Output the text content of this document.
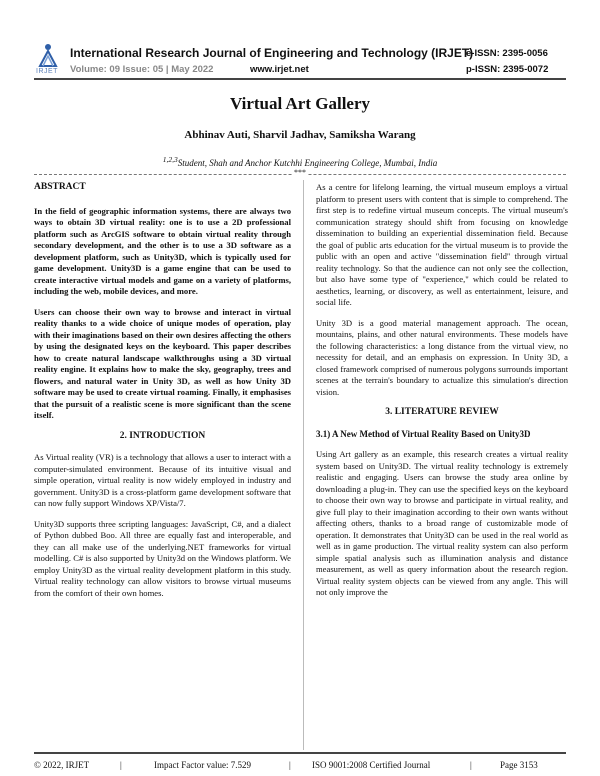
IRJET
International Research Journal of Engineering and Technology (IRJET)
Volume: 09 Issue: 05 | May 2022	www.irjet.net
e-ISSN: 2395-0056
p-ISSN: 2395-0072
Virtual Art Gallery
Abhinav Auti, Sharvil Jadhav, Samiksha Warang
$^{1,2,3}$Student, Shah and Anchor Kutchhi Engineering College, Mumbai, India
***
ABSTRACT

In the field of geographic information systems, there are always two ways to obtain 3D virtual reality: one is to use a 2D professional platform such as ArcGIS software to obtain virtual reality through secondary development, and the other is to use a 3D software as a development platform, such as Unity3D, which is typically used for game development. Unity3D is a game engine that can be used to create interactive virtual models and game on a variety of platforms, including the web, mobile devices, and more.

Users can choose their own way to browse and interact in virtual reality thanks to a wide choice of unique modes of operation, play with their imaginations based on their own desires affecting the others by using the designated keys on the keyboard. This paper describes how to create natural landscape walkthroughs using a 3D virtual reality engine. It explains how to make the sky, geography, trees and flowers, and natural water in Unity 3D, as well as how Unity 3D software may be used to create virtual roaming. Finally, it emphasises that the pursuit of a realistic scene is more significant than the scene itself.

2. INTRODUCTION

As Virtual reality (VR) is a technology that allows a user to interact with a computer-simulated environment. Because of its intuitive visual and simple operation, virtual reality is now widely employed in industry and government. Unity3D is a cross-platform game development software that can now fully support Windows XP/Vista/7.

Unity3D supports three scripting languages: JavaScript, C#, and a dialect of Python dubbed Boo. All three are equally fast and interoperable, and they can all make use of the underlying.NET frameworks for virtual modelling. C# is also supported by Unity3d on the Windows platform. We employ Unity3D as the virtual reality development platform in this study. Virtual reality technology can allow visitors to browse virtual museums from the comfort of their own homes.

As a centre for lifelong learning, the virtual museum employs a virtual platform to present users with content that is simple to comprehend. The first step is to redefine virtual museum concepts. The virtual museum's communication strategy should shift from focusing on knowledge dissemination to building an experiential dissemination field. Because the goal of public arts education for the virtual museum is to provide the public with an open and active "dissemination field" through virtual reality technology. So that the audience can not only see the collection, but also have some type of "experience," which could be related to aesthetics, learning, or discovery, as well as entertainment, leisure, and social life.

Unity 3D is a good material management approach. The ocean, mountains, plains, and other natural environments. These models have the following characteristics: a long distance from the virtual view, no necessity for detail, and an emphasis on expression. In Unity 3D, a closed framework comprised of numerous polygons surrounds important scenes at the terrain's boundary to actualize this simulation's direction vision.

3. LITERATURE REVIEW
3.1) A New Method of Virtual Reality Based on Unity3D

Using Art gallery as an example, this research creates a virtual reality system based on Unity3D. The virtual reality technology is extremely realistic and engaging. Users can browse the study area online by downloading a plug-in. They can use the specified keys on the keyboard to choose their own way to browse and participate in virtual reality, and give full play to their imagination according to their own wants without affecting others, thanks to a broad range of customizable mode of operation. It demonstrates that Unity3D can be used in the real world as well as in game production. The virtual reality system can also perform simple spatial analysis such as illumination analysis and distance measurement, as well as query information about the research region. Virtual reality system objects can be viewed from any angle. This will not only improve the

© 2022, IRJET	|	Impact Factor value: 7.529	| ISO 9001:2008 Certified Journal	|	Page 3153
